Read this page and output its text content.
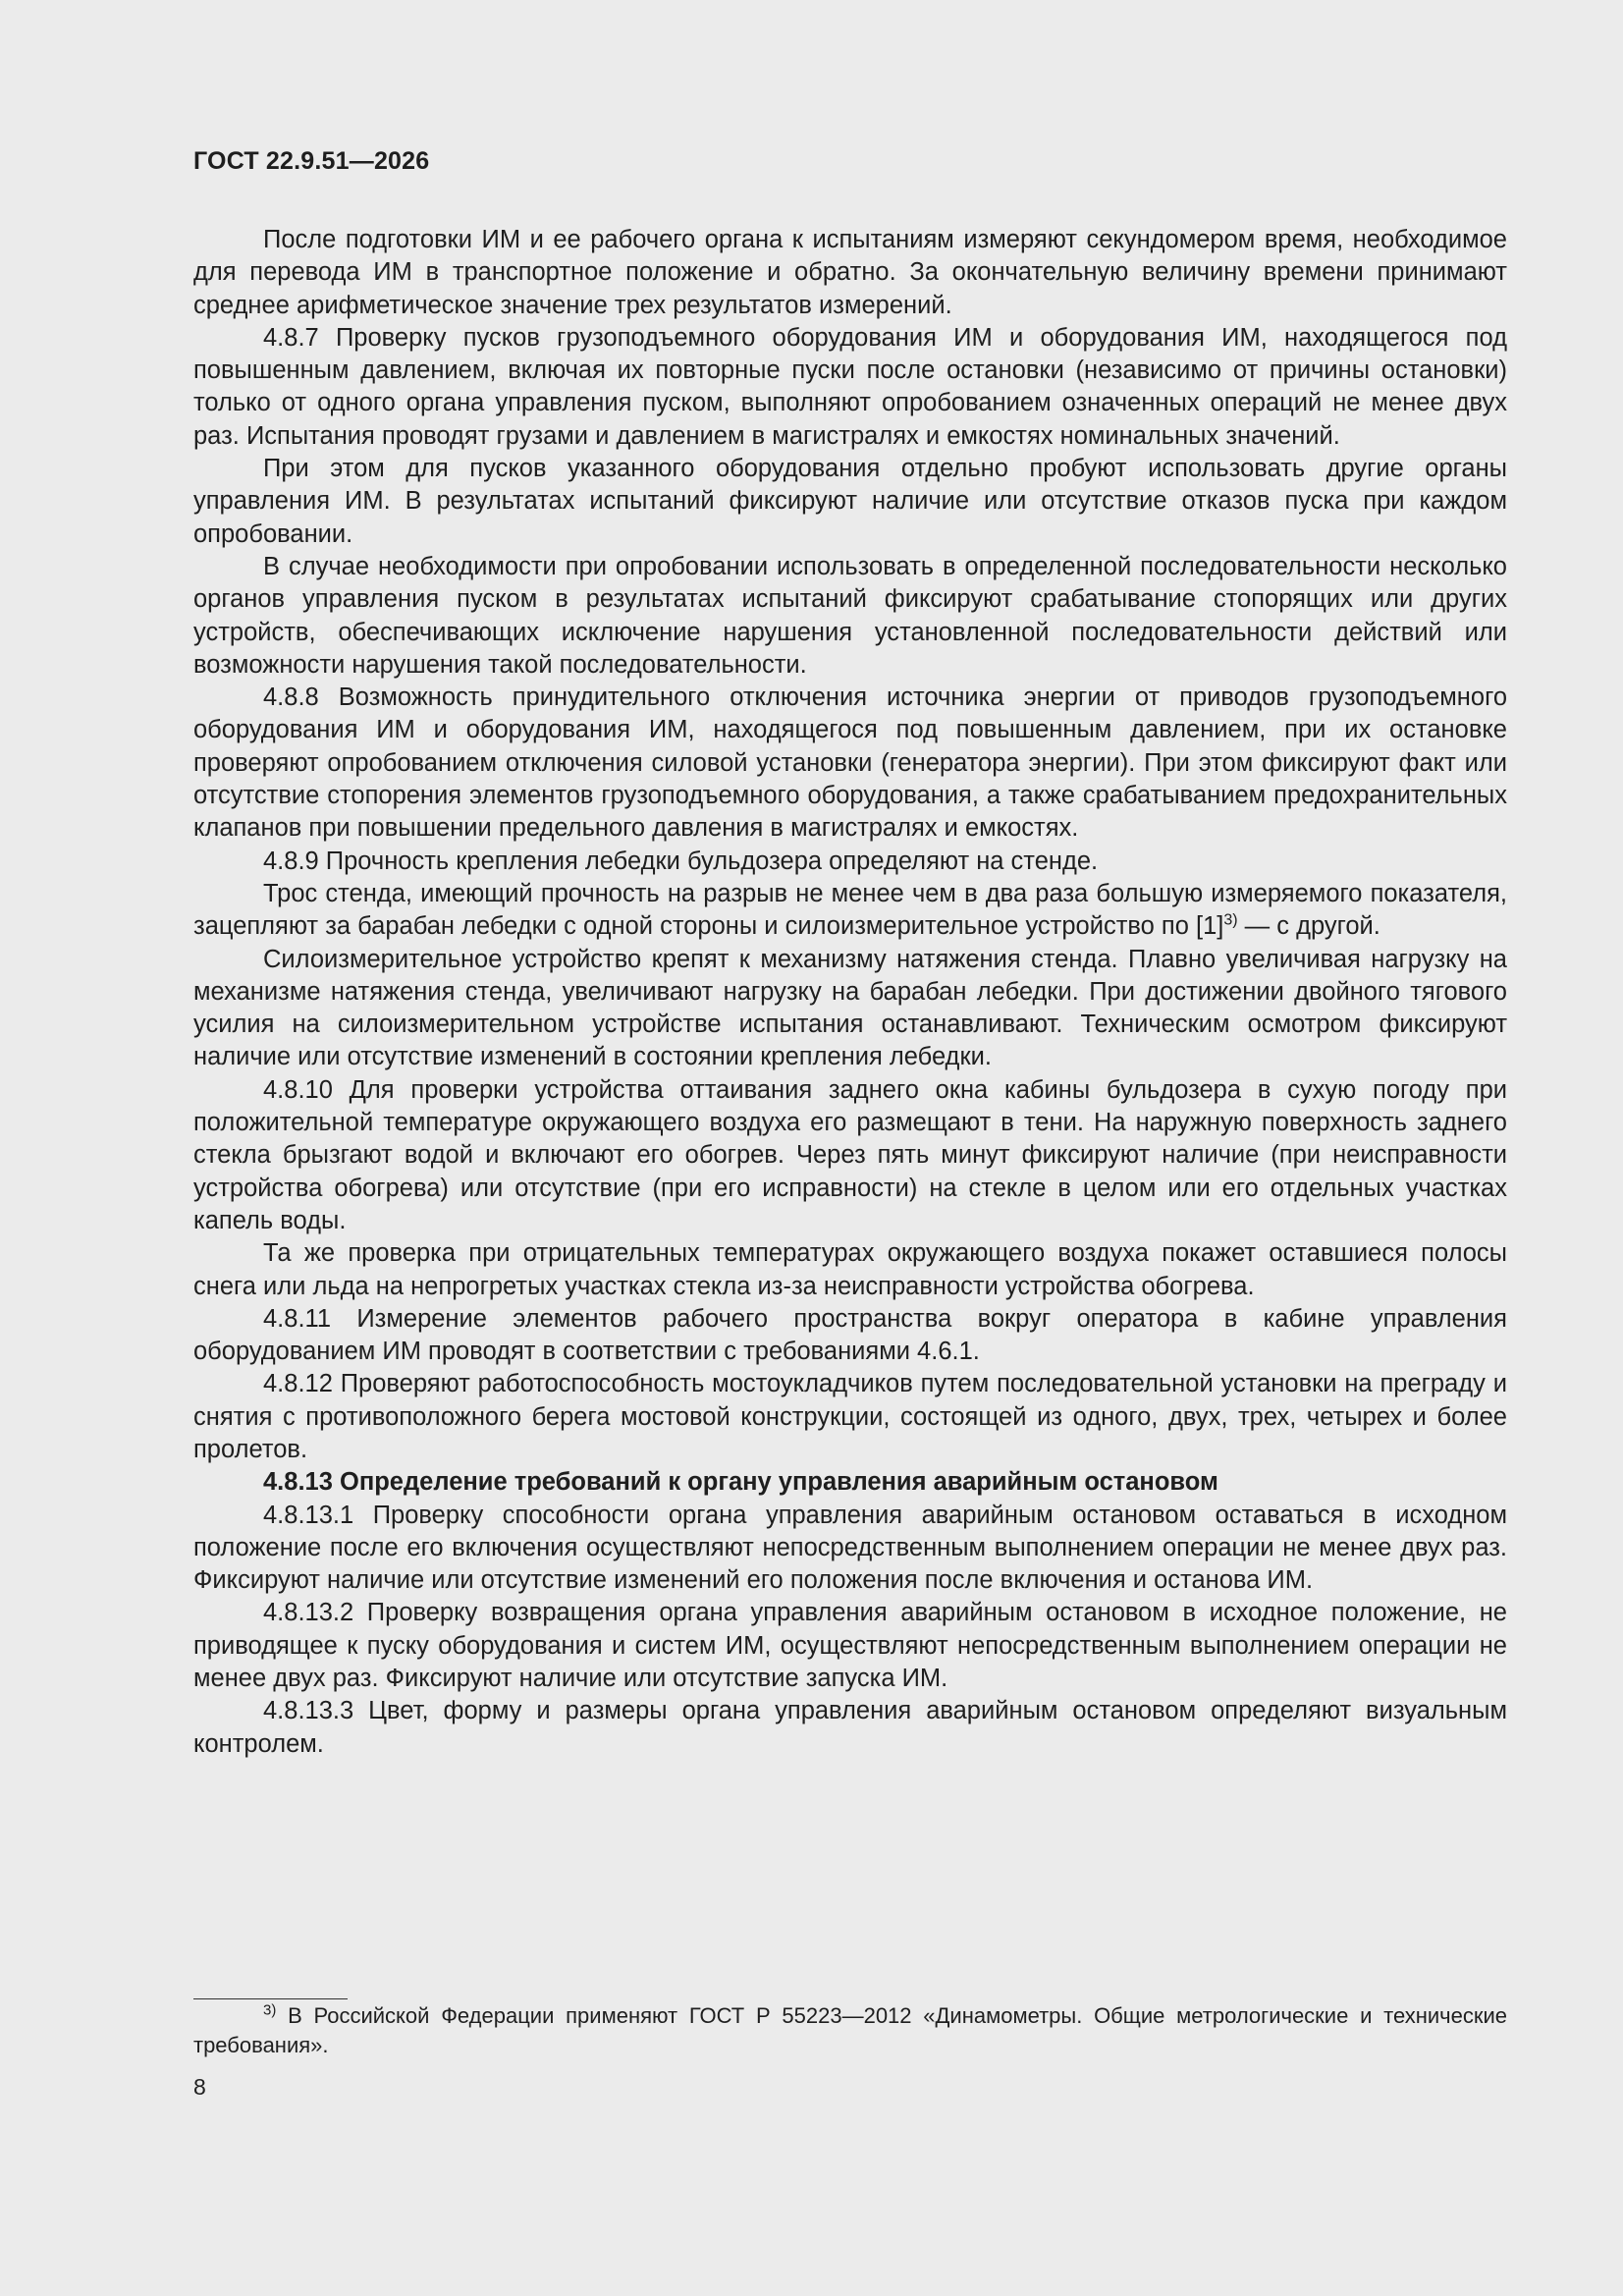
ГОСТ 22.9.51—2026

После подготовки ИМ и ее рабочего органа к испытаниям измеряют секундомером время, необходимое для перевода ИМ в транспортное положение и обратно. За окончательную величину времени принимают среднее арифметическое значение трех результатов измерений.

4.8.7 Проверку пусков грузоподъемного оборудования ИМ и оборудования ИМ, находящегося под повышенным давлением, включая их повторные пуски после остановки (независимо от причины остановки) только от одного органа управления пуском, выполняют опробованием означенных операций не менее двух раз. Испытания проводят грузами и давлением в магистралях и емкостях номинальных значений.

При этом для пусков указанного оборудования отдельно пробуют использовать другие органы управления ИМ. В результатах испытаний фиксируют наличие или отсутствие отказов пуска при каждом опробовании.

В случае необходимости при опробовании использовать в определенной последовательности несколько органов управления пуском в результатах испытаний фиксируют срабатывание стопорящих или других устройств, обеспечивающих исключение нарушения установленной последовательности действий или возможности нарушения такой последовательности.

4.8.8 Возможность принудительного отключения источника энергии от приводов грузоподъемного оборудования ИМ и оборудования ИМ, находящегося под повышенным давлением, при их остановке проверяют опробованием отключения силовой установки (генератора энергии). При этом фиксируют факт или отсутствие стопорения элементов грузоподъемного оборудования, а также срабатыванием предохранительных клапанов при повышении предельного давления в магистралях и емкостях.

4.8.9 Прочность крепления лебедки бульдозера определяют на стенде.

Трос стенда, имеющий прочность на разрыв не менее чем в два раза большую измеряемого показателя, зацепляют за барабан лебедки с одной стороны и силоизмерительное устройство по $[1]^{3)}$ — с другой.

Силоизмерительное устройство крепят к механизму натяжения стенда. Плавно увеличивая нагрузку на механизме натяжения стенда, увеличивают нагрузку на барабан лебедки. При достижении двойного тягового усилия на силоизмерительном устройстве испытания останавливают. Техническим осмотром фиксируют наличие или отсутствие изменений в состоянии крепления лебедки.

4.8.10 Для проверки устройства оттаивания заднего окна кабины бульдозера в сухую погоду при положительной температуре окружающего воздуха его размещают в тени. На наружную поверхность заднего стекла брызгают водой и включают его обогрев. Через пять минут фиксируют наличие (при неисправности устройства обогрева) или отсутствие (при его исправности) на стекле в целом или его отдельных участках капель воды.

Та же проверка при отрицательных температурах окружающего воздуха покажет оставшиеся полосы снега или льда на непрогретых участках стекла из-за неисправности устройства обогрева.

4.8.11 Измерение элементов рабочего пространства вокруг оператора в кабине управления оборудованием ИМ проводят в соответствии с требованиями 4.6.1.

4.8.12 Проверяют работоспособность мостоукладчиков путем последовательной установки на преграду и снятия с противоположного берега мостовой конструкции, состоящей из одного, двух, трех, четырех и более пролетов.

4.8.13 Определение требований к органу управления аварийным остановом

4.8.13.1 Проверку способности органа управления аварийным остановом оставаться в исходном положение после его включения осуществляют непосредственным выполнением операции не менее двух раз. Фиксируют наличие или отсутствие изменений его положения после включения и останова ИМ.

4.8.13.2 Проверку возвращения органа управления аварийным остановом в исходное положение, не приводящее к пуску оборудования и систем ИМ, осуществляют непосредственным выполнением операции не менее двух раз. Фиксируют наличие или отсутствие запуска ИМ.

4.8.13.3 Цвет, форму и размеры органа управления аварийным остановом определяют визуальным контролем.

$^{3)}$ В Российской Федерации применяют ГОСТ Р 55223—2012 «Динамометры. Общие метрологические и технические требования».

8
